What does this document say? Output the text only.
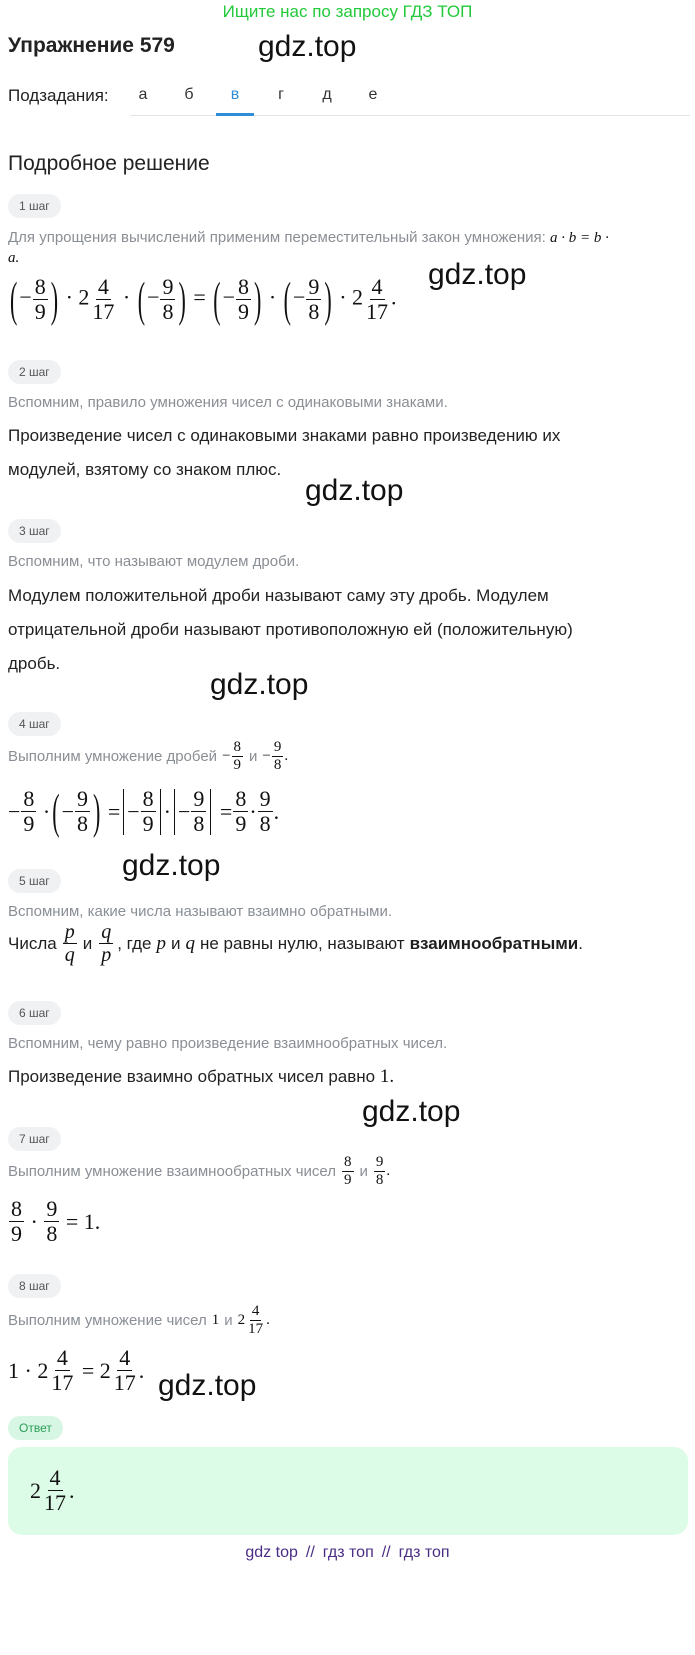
Ищите нас по запросу ГДЗ ТОП
Упражнение 579	gdz.top
gdz.top
gdz.top
gdz.top
gdz.top
gdz.top
gdz.top
Подзадания:	а	б	в	г	д	е
Подробное решение
1 шаг
Для упрощения вычислений применим переместительный закон умножения: a · b = b ·
a.
(− $\frac{8}{9}$ ) · $2 \frac{4}{17}$ · (− $\frac{9}{8}$ ) = (− $\frac{8}{9}$ ) · (− $\frac{9}{8}$ ) · $2 \frac{4}{17}$ .
2 шаг
Вспомним, правило умножения чисел с одинаковыми знаками.
Произведение чисел с одинаковыми знаками равно произведению их
модулей, взятому со знаком плюс.
3 шаг
Вспомним, что называют модулем дроби.
Модулем положительной дроби называют саму эту дробь. Модулем
отрицательной дроби называют противоположную ей (положительную)
дробь.
4 шаг
Выполним умножение дробей − $\frac{8}{9}$ $и - \frac{9}{8}$ .
− $\frac{8}{9}$ · ( − $\frac{9}{8}$ ) =
− $\frac{8}{9}$ ·
− $\frac{9}{8} = \frac{8}{9} \cdot \frac{9}{8}$ .
5 шаг
Вспомним, какие числа называют взаимно обратными.
Числа $\frac{p}{q}$ и $\frac{q}{p}$ , где p и q не равны нулю, называют взаимнообратными .
6 шаг
Вспомним, чему равно произведение взаимнообратных чисел.
Произведение взаимно обратных чисел равно 1.
7 шаг
Выполним умножение взаимнообратных чисел $\frac{8}{9}$ и $\frac{9}{8}$ .
$\frac{8}{9} \cdot \frac{9}{8} = 1$.
8 шаг
Выполним умножение чисел 1 и $2 \frac{4}{17}$ .
$1 \cdot 2 \frac{4}{17} = 2 \frac{4}{17}$ .
Ответ
$2 \frac{4}{17}$ .
gdz top // гдз топ // гдз топ
